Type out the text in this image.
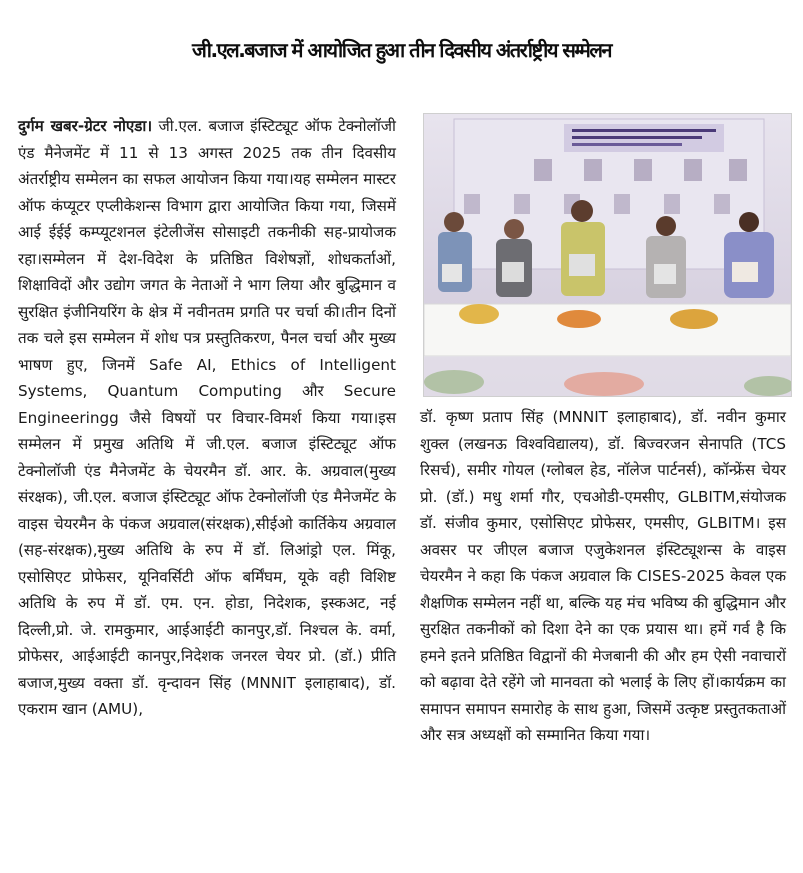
जी.एल.बजाज में आयोजित हुआ तीन दिवसीय अंतर्राष्ट्रीय सम्मेलन
दुर्गम खबर-ग्रेटर नोएडा। जी.एल. बजाज इंस्टिट्यूट ऑफ टेक्नोलॉजी एंड मैनेजमेंट में 11 से 13 अगस्त 2025 तक तीन दिवसीय अंतर्राष्ट्रीय सम्मेलन का सफल आयोजन किया गया।यह सम्मेलन मास्टर ऑफ कंप्यूटर एप्लीकेशन्स विभाग द्वारा आयोजित किया गया, जिसमें आई ईईई कम्प्यूटशनल इंटेलीजेंस सोसाइटी तकनीकी सह-प्रायोजक रहा।सम्मेलन में देश-विदेश के प्रतिष्ठित विशेषज्ञों, शोधकर्ताओं, शिक्षाविदों और उद्योग जगत के नेताओं ने भाग लिया और बुद्धिमान व सुरक्षित इंजीनियरिंग के क्षेत्र में नवीनतम प्रगति पर चर्चा की।तीन दिनों तक चले इस सम्मेलन में शोध पत्र प्रस्तुतिकरण, पैनल चर्चा और मुख्य भाषण हुए, जिनमें Safe AI, Ethics of Intelligent Systems, Quantum Computing और Secure Engineeringg जैसे विषयों पर विचार-विमर्श किया गया।इस सम्मेलन में प्रमुख अतिथि में जी.एल. बजाज इंस्टिट्यूट ऑफ टेक्नोलॉजी एंड मैनेजमेंट के चेयरमैन डॉ. आर. के. अग्रवाल(मुख्य संरक्षक), जी.एल. बजाज इंस्टिट्यूट ऑफ टेक्नोलॉजी एंड मैनेजमेंट के वाइस चेयरमैन के पंकज अग्रवाल(संरक्षक),सीईओ कार्तिकेय अग्रवाल (सह-संरक्षक),मुख्य अतिथि के रुप में डॉ. लिआंड्रो एल. मिंकू, एसोसिएट प्रोफेसर, यूनिवर्सिटी ऑफ बर्मिंघम, यूके वही विशिष्ट अतिथि के रुप में डॉ. एम. एन. होडा, निदेशक, इस्कअट, नई दिल्ली,प्रो. जे. रामकुमार, आईआईटी कानपुर,डॉ. निश्चल के. वर्मा, प्रोफेसर, आईआईटी कानपुर,निदेशक जनरल चेयर प्रो. (डॉ.) प्रीति बजाज,मुख्य वक्ता डॉ. वृन्दावन सिंह (MNNIT इलाहाबाद), डॉ. एकराम खान (AMU),
डॉ. कृष्ण प्रताप सिंह (MNNIT इलाहाबाद), डॉ. नवीन कुमार शुक्ल (लखनऊ विश्वविद्यालय), डॉ. बिज्वरजन सेनापति (TCS रिसर्च), समीर गोयल (ग्लोबल हेड, नॉलेज पार्टनर्स), कॉन्फ्रेंस चेयर प्रो. (डॉ.) मधु शर्मा गौर, एचओडी-एमसीए, GLBITM,संयोजक डॉ. संजीव कुमार, एसोसिएट प्रोफेसर, एमसीए, GLBITM। इस अवसर पर जीएल बजाज एजुकेशनल इंस्टिट्यूशन्स के वाइस चेयरमैन ने कहा कि पंकज अग्रवाल कि CISES-2025 केवल एक शैक्षणिक सम्मेलन नहीं था, बल्कि यह मंच भविष्य की बुद्धिमान और सुरक्षित तकनीकों को दिशा देने का एक प्रयास था। हमें गर्व है कि हमने इतने प्रतिष्ठित विद्वानों की मेजबानी की और हम ऐसी नवाचारों को बढ़ावा देते रहेंगे जो मानवता को भलाई के लिए हों।कार्यक्रम का समापन समापन समारोह के साथ हुआ, जिसमें उत्कृष्ट प्रस्तुतकताओं और सत्र अध्यक्षों को सम्मानित किया गया।
